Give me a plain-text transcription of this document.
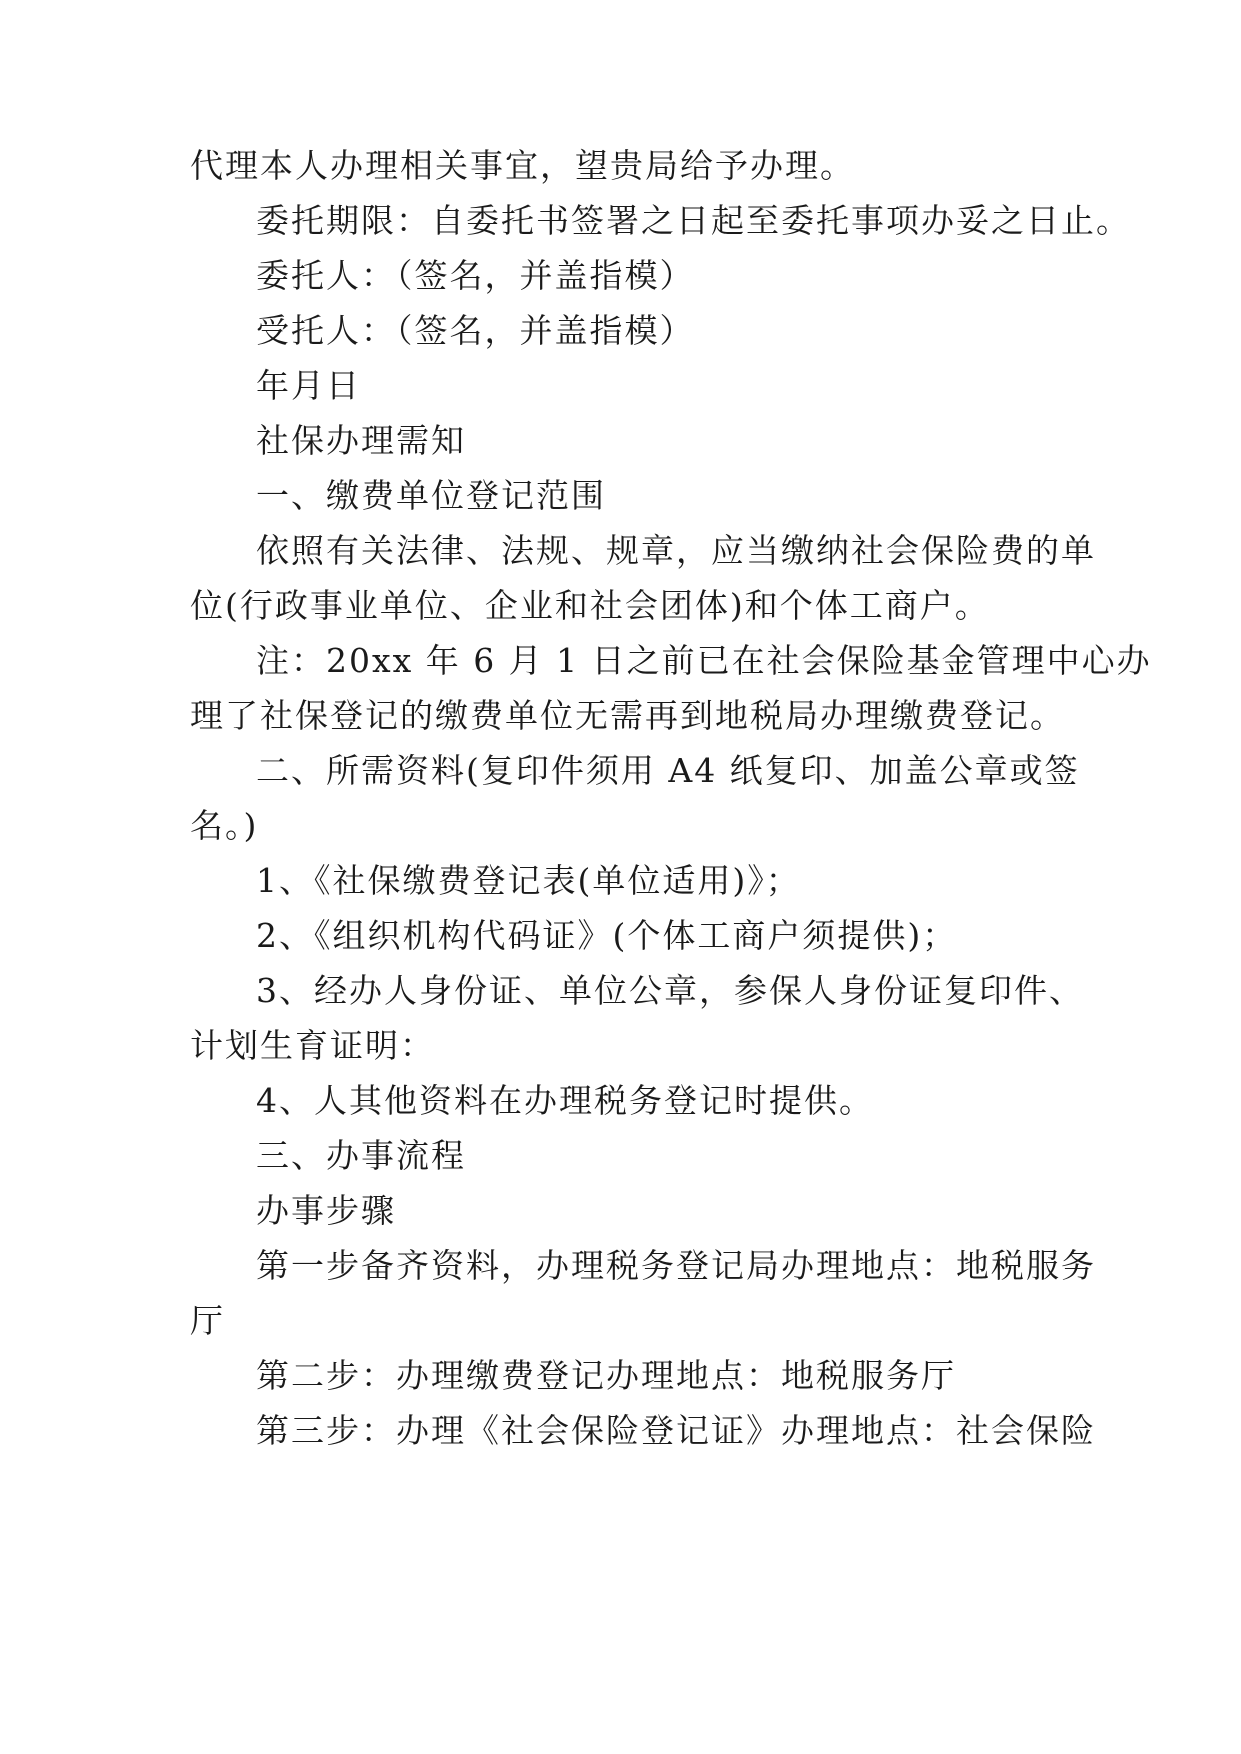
代理本人办理相关事宜，望贵局给予办理。
委托期限：自委托书签署之日起至委托事项办妥之日止。
委托人：（签名，并盖指模）
受托人：（签名，并盖指模）
年月日
社保办理需知
一、缴费单位登记范围
依照有关法律、法规、规章，应当缴纳社会保险费的单
位(行政事业单位、企业和社会团体)和个体工商户。
注：20xx 年 6 月 1 日之前已在社会保险基金管理中心办
理了社保登记的缴费单位无需再到地税局办理缴费登记。
二、所需资料(复印件须用 A4 纸复印、加盖公章或签
名。)
1、《社保缴费登记表(单位适用)》；
2、《组织机构代码证》(个体工商户须提供)；
3、经办人身份证、单位公章，参保人身份证复印件、
计划生育证明：
4、人其他资料在办理税务登记时提供。
三、办事流程
办事步骤
第一步备齐资料，办理税务登记局办理地点：地税服务
厅
第二步：办理缴费登记办理地点：地税服务厅
第三步：办理《社会保险登记证》办理地点：社会保险
